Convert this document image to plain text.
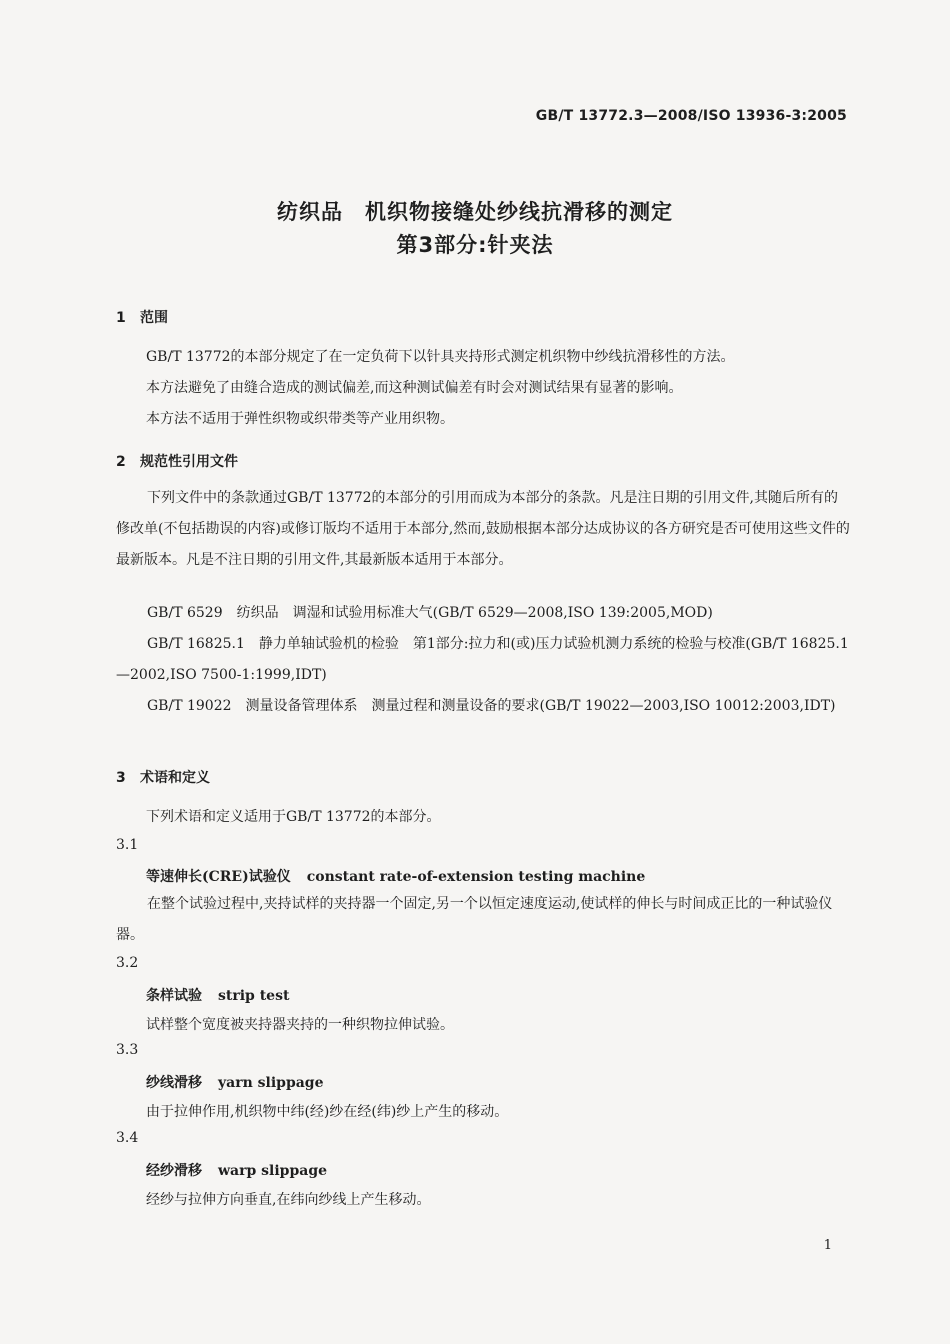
GB/T 13772.3—2008/ISO 13936-3:2005
纺织品　机织物接缝处纱线抗滑移的测定
第3部分:针夹法
1 范围
GB/T 13772的本部分规定了在一定负荷下以针具夹持形式测定机织物中纱线抗滑移性的方法。
本方法避免了由缝合造成的测试偏差,而这种测试偏差有时会对测试结果有显著的影响。
本方法不适用于弹性织物或织带类等产业用织物。
2 规范性引用文件

下列文件中的条款通过GB/T 13772的本部分的引用而成为本部分的条款。凡是注日期的引用文件,其随后所有的修改单(不包括勘误的内容)或修订版均不适用于本部分,然而,鼓励根据本部分达成协议的各方研究是否可使用这些文件的最新版本。凡是不注日期的引用文件,其最新版本适用于本部分。

GB/T 6529　纺织品　调湿和试验用标准大气(GB/T 6529—2008,ISO 139:2005,MOD)

GB/T 16825.1　静力单轴试验机的检验　第1部分:拉力和(或)压力试验机测力系统的检验与校准(GB/T 16825.1—2002,ISO 7500-1:1999,IDT)

GB/T 19022　测量设备管理体系　测量过程和测量设备的要求(GB/T 19022—2003,ISO 10012:2003,IDT)

3 术语和定义
下列术语和定义适用于GB/T 13772的本部分。
3.1
等速伸长(CRE)试验仪 constant rate-of-extension testing machine

在整个试验过程中,夹持试样的夹持器一个固定,另一个以恒定速度运动,使试样的伸长与时间成正比的一种试验仪器。

3.2
条样试验 strip test
试样整个宽度被夹持器夹持的一种织物拉伸试验。
3.3
纱线滑移 yarn slippage
由于拉伸作用,机织物中纬(经)纱在经(纬)纱上产生的移动。
3.4
经纱滑移 warp slippage
经纱与拉伸方向垂直,在纬向纱线上产生移动。
1
